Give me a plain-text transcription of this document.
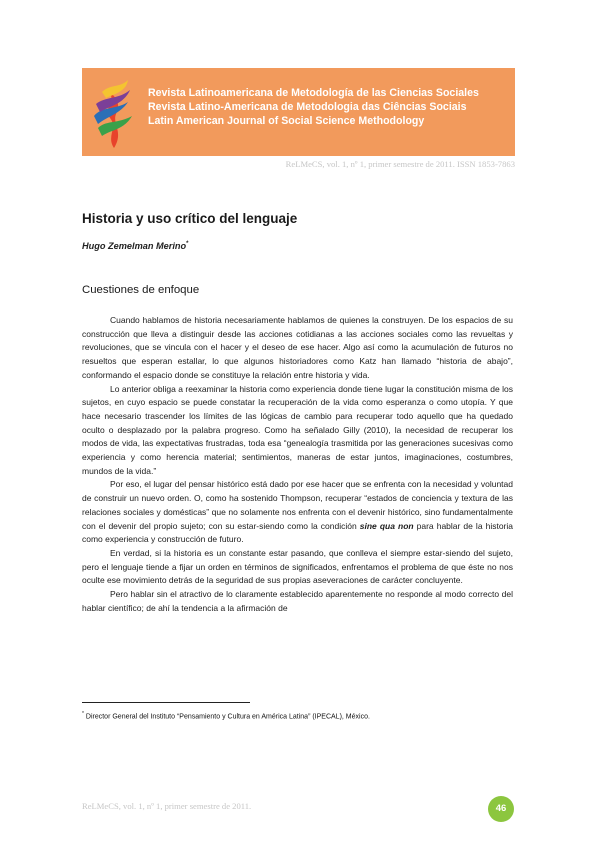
Revista Latinoamericana de Metodología de las Ciencias Sociales
Revista Latino-Americana de Metodologia das Ciências Sociais
Latin American Journal of Social Science Methodology
ReLMeCS, vol. 1, nº 1, primer semestre de 2011. ISSN 1853-7863
Historia y uso crítico del lenguaje
Hugo Zemelman Merino*
Cuestiones de enfoque

Cuando hablamos de historia necesariamente hablamos de quienes la construyen. De los espacios de su construcción que lleva a distinguir desde las acciones cotidianas a las acciones sociales como las revueltas y revoluciones, que se vincula con el hacer y el deseo de ese hacer. Algo así como la acumulación de futuros no resueltos que esperan estallar, lo que algunos historiadores como Katz han llamado “historia de abajo”, conformando el espacio donde se constituye la relación entre historia y vida.

Lo anterior obliga a reexaminar la historia como experiencia donde tiene lugar la constitución misma de los sujetos, en cuyo espacio se puede constatar la recuperación de la vida como esperanza o como utopía. Y que hace necesario trascender los límites de las lógicas de cambio para recuperar todo aquello que ha quedado oculto o desplazado por la palabra progreso. Como ha señalado Gilly (2010), la necesidad de recuperar los modos de vida, las expectativas frustradas, toda esa “genealogía trasmitida por las generaciones sucesivas como experiencia y como herencia material; sentimientos, maneras de estar juntos, imaginaciones, costumbres, mundos de la vida.”

Por eso, el lugar del pensar histórico está dado por ese hacer que se enfrenta con la necesidad y voluntad de construir un nuevo orden. O, como ha sostenido Thompson, recuperar “estados de conciencia y textura de las relaciones sociales y domésticas” que no solamente nos enfrenta con el devenir histórico, sino fundamentalmente con el devenir del propio sujeto; con su estar-siendo como la condición sine qua non para hablar de la historia como experiencia y construcción de futuro.

En verdad, si la historia es un constante estar pasando, que conlleva el siempre estar-siendo del sujeto, pero el lenguaje tiende a fijar un orden en términos de significados, enfrentamos el problema de que éste no nos oculte ese movimiento detrás de la seguridad de sus propias aseveraciones de carácter concluyente.

Pero hablar sin el atractivo de lo claramente establecido aparentemente no responde al modo correcto del hablar científico; de ahí la tendencia a la afirmación de

* Director General del Instituto “Pensamiento y Cultura en América Latina” (IPECAL), México.
ReLMeCS, vol. 1, nº 1, primer semestre de 2011.	46
